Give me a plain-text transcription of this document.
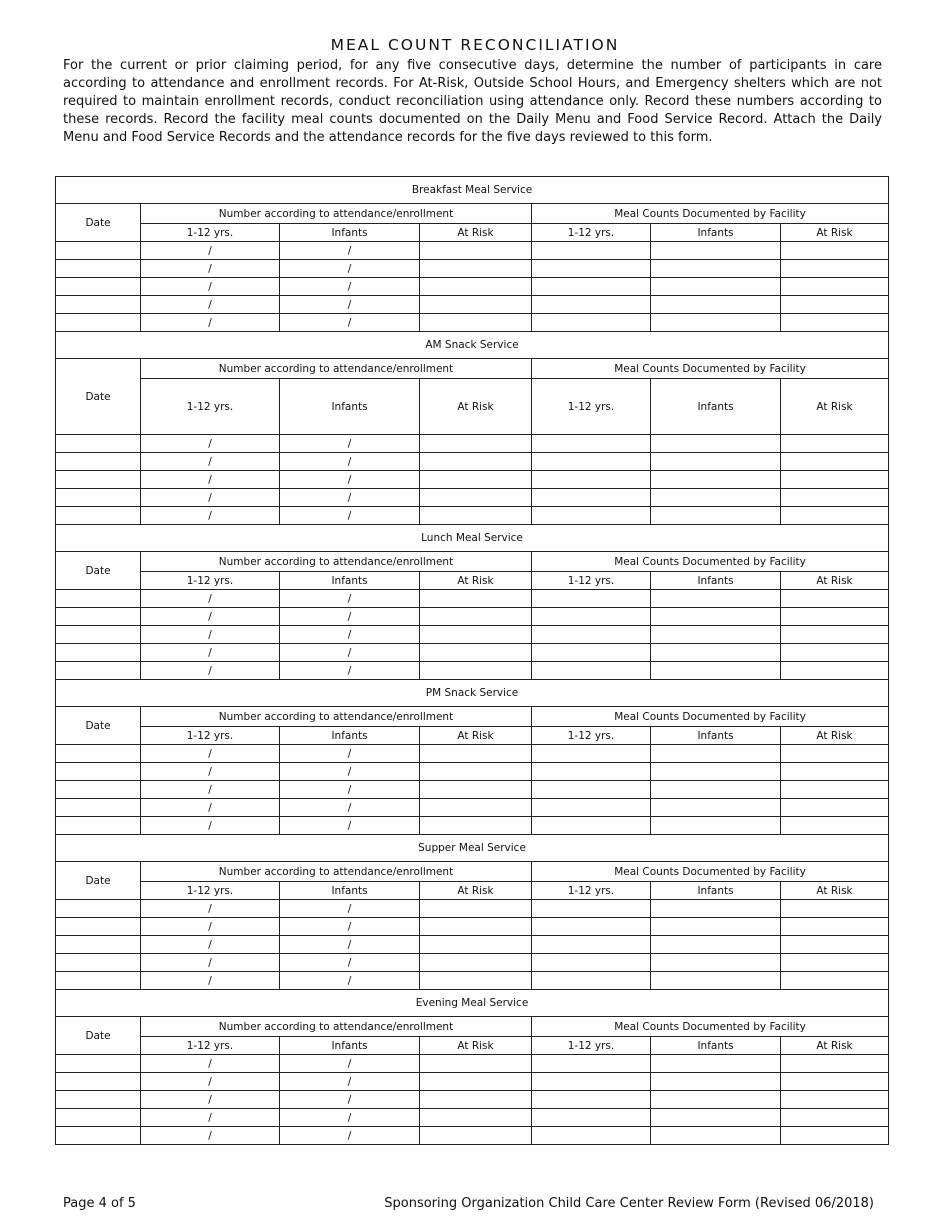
MEAL COUNT RECONCILIATION
For the current or prior claiming period, for any five consecutive days, determine the number of participants in care according to attendance and enrollment records. For At-Risk, Outside School Hours, and Emergency shelters which are not required to maintain enrollment records, conduct reconciliation using attendance only. Record these numbers according to these records. Record the facility meal counts documented on the Daily Menu and Food Service Record. Attach the Daily Menu and Food Service Records and the attendance records for the five days reviewed to this form.
Breakfast Meal Service						
Date	Number according to attendance/enrollment			Meal Counts Documented by Facility		
	1-12 yrs.	Infants	At Risk	1-12 yrs.	Infants	At Risk
	/	/				
	/	/				
	/	/				
	/	/				
	/	/				
AM Snack Service						
Date	Number according to attendance/enrollment			Meal Counts Documented by Facility		
	1-12 yrs.	Infants	At Risk	1-12 yrs.	Infants	At Risk
	/	/				
	/	/				
	/	/				
	/	/				
	/	/				
Lunch Meal Service						
Date	Number according to attendance/enrollment			Meal Counts Documented by Facility		
	1-12 yrs.	Infants	At Risk	1-12 yrs.	Infants	At Risk
	/	/				
	/	/				
	/	/				
	/	/				
	/	/				
PM Snack Service						
Date	Number according to attendance/enrollment			Meal Counts Documented by Facility		
	1-12 yrs.	Infants	At Risk	1-12 yrs.	Infants	At Risk
	/	/				
	/	/				
	/	/				
	/	/				
	/	/				
Supper Meal Service						
Date	Number according to attendance/enrollment			Meal Counts Documented by Facility		
	1-12 yrs.	Infants	At Risk	1-12 yrs.	Infants	At Risk
	/	/				
	/	/				
	/	/				
	/	/				
	/	/				
Evening Meal Service						
Date	Number according to attendance/enrollment			Meal Counts Documented by Facility		
	1-12 yrs.	Infants	At Risk	1-12 yrs.	Infants	At Risk
	/	/				
	/	/				
	/	/				
	/	/				
	/	/				
Page 4 of 5	Sponsoring Organization Child Care Center Review Form (Revised 06/2018)
